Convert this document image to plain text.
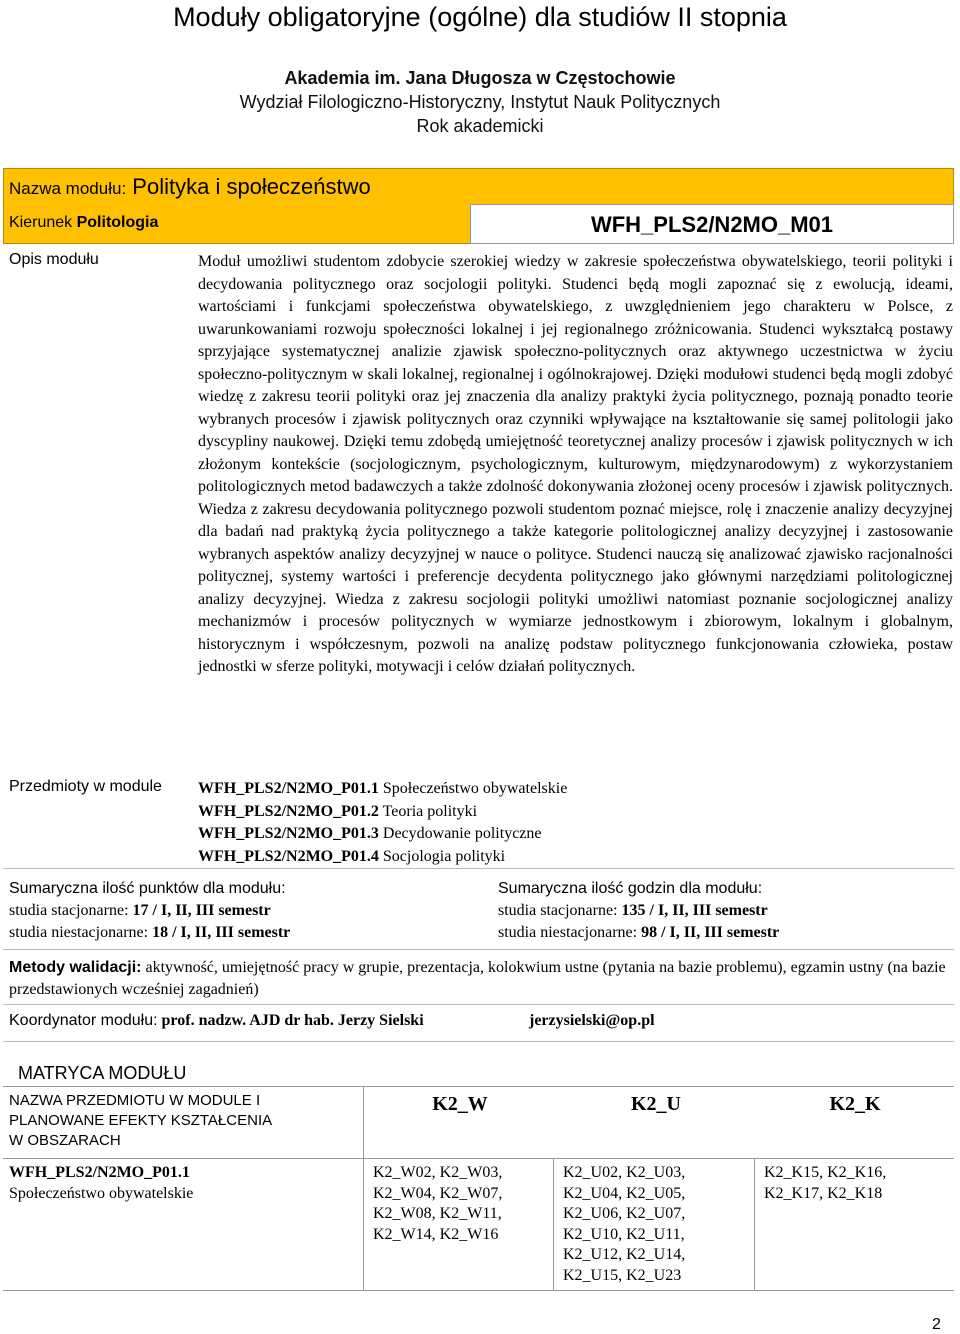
Moduły obligatoryjne (ogólne) dla studiów II stopnia
Akademia im. Jana Długosza w Częstochowie
Wydział Filologiczno-Historyczny, Instytut Nauk Politycznych
Rok akademicki
Nazwa modułu: Polityka i społeczeństwo
Kierunek Politologia	WFH_PLS2/N2MO_M01
Opis modułu	Moduł umożliwi studentom zdobycie szerokiej wiedzy w zakresie społeczeństwa obywatelskiego, teorii polityki i decydowania politycznego oraz socjologii polityki. Studenci będą mogli zapoznać się z ewolucją, ideami, wartościami i funkcjami społeczeństwa obywatelskiego, z uwzględnieniem jego charakteru w Polsce, z uwarunkowaniami rozwoju społeczności lokalnej i jej regionalnego zróżnicowania. Studenci wykształcą postawy sprzyjające systematycznej analizie zjawisk społeczno-politycznych oraz aktywnego uczestnictwa w życiu społeczno-politycznym w skali lokalnej, regionalnej i ogólnokrajowej. Dzięki modułowi studenci będą mogli zdobyć wiedzę z zakresu teorii polityki oraz jej znaczenia dla analizy praktyki życia politycznego, poznają ponadto teorie wybranych procesów i zjawisk politycznych oraz czynniki wpływające na kształtowanie się samej politologii jako dyscypliny naukowej. Dzięki temu zdobędą umiejętność teoretycznej analizy procesów i zjawisk politycznych w ich złożonym kontekście (socjologicznym, psychologicznym, kulturowym, międzynarodowym) z wykorzystaniem politologicznych metod badawczych a także zdolność dokonywania złożonej oceny procesów i zjawisk politycznych. Wiedza z zakresu decydowania politycznego pozwoli studentom poznać miejsce, rolę i znaczenie analizy decyzyjnej dla badań nad praktyką życia politycznego a także kategorie politologicznej analizy decyzyjnej i zastosowanie wybranych aspektów analizy decyzyjnej w nauce o polityce. Studenci nauczą się analizować zjawisko racjonalności politycznej, systemy wartości i preferencje decydenta politycznego jako głównymi narzędziami politologicznej analizy decyzyjnej. Wiedza z zakresu socjologii polityki umożliwi natomiast poznanie socjologicznej analizy mechanizmów i procesów politycznych w wymiarze jednostkowym i zbiorowym, lokalnym i globalnym, historycznym i współczesnym, pozwoli na analizę podstaw politycznego funkcjonowania człowieka, postaw jednostki w sferze polityki, motywacji i celów działań politycznych.
Przedmioty w module WFH_PLS2/N2MO_P01.1 Społeczeństwo obywatelskie
WFH_PLS2/N2MO_P01.2 Teoria polityki
WFH_PLS2/N2MO_P01.3 Decydowanie polityczne
WFH_PLS2/N2MO_P01.4 Socjologia polityki
Sumaryczna ilość punktów dla modułu:
studia stacjonarne: 17 / I, II, III semestr
studia niestacjonarne: 18 / I, II, III semestr
Sumaryczna ilość godzin dla modułu:
studia stacjonarne: 135 / I, II, III semestr
studia niestacjonarne: 98 / I, II, III semestr
Metody walidacji: aktywność, umiejętność pracy w grupie, prezentacja, kolokwium ustne (pytania na bazie problemu), egzamin ustny (na bazie przedstawionych wcześniej zagadnień)
Koordynator modułu: prof. nadzw. AJD dr hab. Jerzy Sielski	jerzysielski@op.pl
MATRYCA MODUŁU
NAZWA PRZEDMIOTU W MODULE I
PLANOWANE EFEKTY KSZTAŁCENIA
W OBSZARACH
K2_W	K2_U	K2_K
WFH_PLS2/N2MO_P01.1
Społeczeństwo obywatelskie
K2_W02, K2_W03,
K2_W04, K2_W07,
K2_W08, K2_W11,
K2_W14, K2_W16
K2_U02, K2_U03,
K2_U04, K2_U05,
K2_U06, K2_U07,
K2_U10, K2_U11,
K2_U12, K2_U14,
K2_U15, K2_U23
K2_K15, K2_K16,
K2_K17, K2_K18
2
